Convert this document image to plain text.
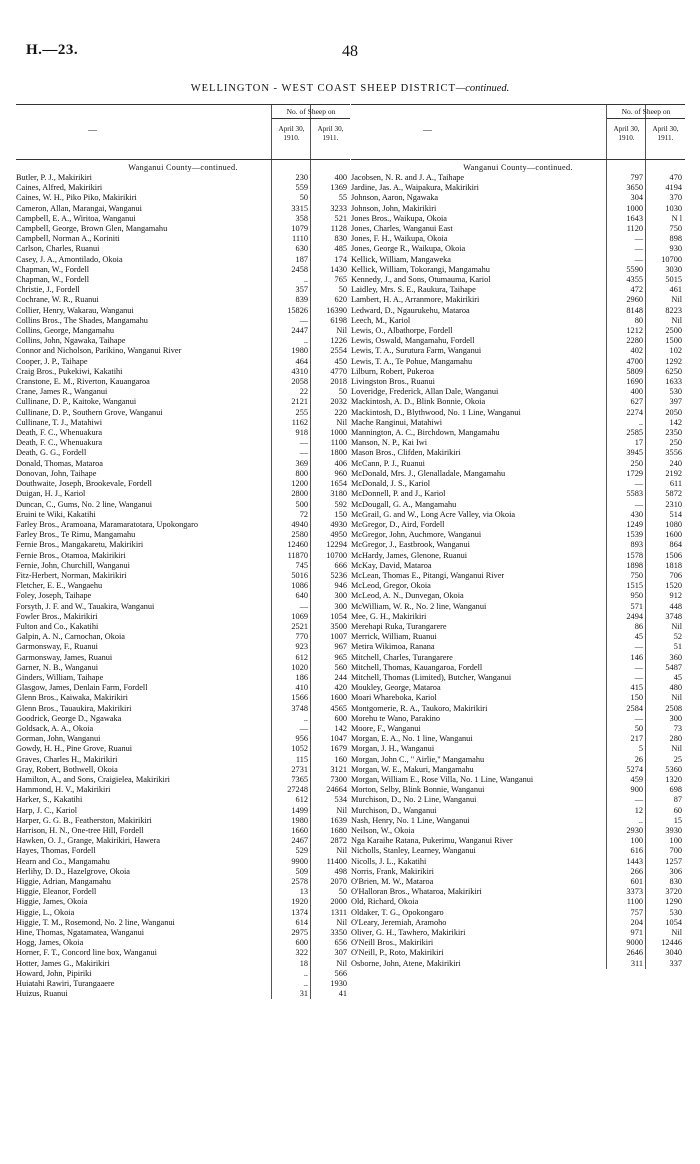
H.—23.	48
WELLINGTON - WEST COAST SHEEP DISTRICT—continued.
—
No. of Sheep on
April 30, 1910.
April 30, 1911.
Wanganui County—continued.
Butler, P. J., Makirikiri	230	400
Caines, Alfred, Makirikiri	559	1369
Caines, W. H., Piko Piko, Makirikiri	50	55
Cameron, Allan, Marangai, Wanganui	3315	3233
Campbell, E. A., Wiritoa, Wanganui	358	521
Campbell, George, Brown Glen, Mangamahu	1079	1128
Campbell, Norman A., Koriniti	1110	830
Carlson, Charles, Ruanui	630	485
Casey, J. A., Amontilado, Okoia	187	174
Chapman, W., Fordell	2458	1430
Chapman, W., Fordell	..	765
Christie, J., Fordell	357	50
Cochrane, W. R., Ruanui	839	620
Collier, Henry, Wakarau, Wanganui	15826	16390
Collins Bros., The Shades, Mangamahu	—	6198
Collins, George, Mangamahu	2447	Nil
Collins, John, Ngawaka, Taihape	..	1226
Connor and Nicholson, Parikino, Wanganui River	1980	2554
Cooper, J. P., Taihape	464	450
Craig Bros., Pukekiwi, Kakatihi	4310	4770
Cranstone, E. M., Riverton, Kauangaroa	2058	2018
Crane, James R., Wanganui	22	50
Cullinane, D. P., Kaitoke, Wanganui	2121	2032
Cullinane, D. P., Southern Grove, Wanganui	255	220
Cullinane, T. J., Matahiwi	1162	Nil
Death, F. C., Whenuakura	918	1000
Death, F. C., Whenuakura	—	1100
Death, G. G., Fordell	—	1800
Donald, Thomas, Mataroa	369	406
Donovan, John, Taihape	800	960
Douthwaite, Joseph, Brookevale, Fordell	1200	1654
Duigan, H. J., Kariol	2800	3180
Duncan, C., Gums, No. 2 line, Wanganui	500	592
Eruini te Wiki, Kakatihi	72	150
Farley Bros., Aramoana, Maramaratotara, Upokongaro	4940	4930
Farley Bros., Te Rimu, Mangamahu	2580	4950
Fernie Bros., Mangakaretu, Makirikiri	12460	12294
Fernie Bros., Otamoa, Makirikiri	11870	10700
Fernie, John, Churchill, Wanganui	745	666
Fitz-Herbert, Norman, Makirikiri	5016	5236
Fletcher, E. E., Wangaehu	1086	946
Foley, Joseph, Taihape	640	300
Forsyth, J. F. and W., Tauakira, Wanganui	—	300
Fowler Bros., Makirikiri	1069	1054
Fulton and Co., Kakatihi	2521	3500
Galpin, A. N., Carnochan, Okoia	770	1007
Garmonsway, F., Ruanui	923	967
Garmonsway, James, Ruanui	612	965
Garner, N. B., Wanganui	1020	560
Ginders, William, Taihape	186	244
Glasgow, James, Denlain Farm, Fordell	410	420
Glenn Bros., Kaiwaka, Makirikiri	1566	1600
Glenn Bros., Tauaukira, Makirikiri	3748	4565
Goodrick, George D., Ngawaka	..	600
Goldsack, A. A., Okoia	—	142
Gorman, John, Wanganui	956	1047
Gowdy, H. H., Pine Grove, Ruanui	1052	1679
Graves, Charles H., Makirikiri	115	160
Gray, Robert, Bothwell, Okoia	2731	3121
Hamilton, A., and Sons, Craigielea, Makirikiri	7365	7300
Hammond, H. V., Makirikiri	27248	24664
Harker, S., Kakatihi	612	534
Harp, J. C., Kariol	1499	Nil
Harper, G. G. B., Featherston, Makirikiri	1980	1639
Harrison, H. N., One-tree Hill, Fordell	1660	1680
Hawken, O. J., Grange, Makirikiri, Hawera	2467	2872
Hayes, Thomas, Fordell	529	Nil
Hearn and Co., Mangamahu	9900	11400
Herlihy, D. D., Hazelgrove, Okoia	509	498
Higgie, Adrian, Mangamahu	2578	2070
Higgie, Eleanor, Fordell	13	50
Higgie, James, Okoia	1920	2000
Higgie, L., Okoia	1374	1311
Higgie, T. M., Rosemond, No. 2 line, Wanganui	614	Nil
Hine, Thomas, Ngatamatea, Wanganui	2975	3350
Hogg, James, Okoia	600	656
Horner, F. T., Concord line box, Wanganui	322	307
Hotter, James G., Makirikiri	18	Nil
Howard, John, Pipiriki	..	566
Huiatahi Rawiri, Turangaaere	..	1930
Huizus, Ruanui	31	41
—
No. of Sheep on
April 30, 1910.
April 30, 1911.
Wanganui County—continued.
Jacobsen, N. R. and J. A., Taihape	797	470
Jardine, Jas. A., Waipakura, Makirikiri	3650	4194
Johnson, Aaron, Ngawaka	304	370
Johnson, John, Makirikiri	1000	1030
Jones Bros., Waikupa, Okoia	1643	N l
Jones, Charles, Wanganui East	1120	750
Jones, F. H., Waikupa, Okoia	—	898
Jones, George R., Waikupa, Okoia	—	930
Kellick, William, Mangaweka	—	10700
Kellick, William, Tokorangi, Mangamahu	5590	3030
Kennedy, J., and Sons, Otumauma, Kariol	4355	5015
Laidley, Mrs. S. E., Raukura, Taihape	472	461
Lambert, H. A., Arranmore, Makirikiri	2960	Nil
Ledward, D., Ngaurukehu, Mataroa	8148	8223
Leech, M., Kariol	80	Nil
Lewis, O., Albathorpe, Fordell	1212	2500
Lewis, Oswald, Mangamahu, Fordell	2280	1500
Lewis, T. A., Surutura Farm, Wanganui	402	102
Lewis, T. A., Te Pohue, Mangamahu	4700	1292
Lilburn, Robert, Pukeroa	5809	6250
Livingston Bros., Ruanui	1690	1633
Loveridge, Frederick, Allan Dale, Wanganui	400	530
Mackintosh, A. D., Blink Bonnie, Okoia	627	397
Mackintosh, D., Blythwood, No. 1 Line, Wanganui	2274	2050
Mache Ranginui, Matahiwi	..	142
Mannington, A. C., Birchdown, Mangamahu	2585	2350
Manson, N. P., Kai Iwi	17	250
Mason Bros., Clifden, Makirikiri	3945	3556
McCann, P. J., Ruanui	250	240
McDonald, Mrs. J., Glenalladale, Mangamahu	1729	2192
McDonald, J. S., Kariol	—	611
McDonnell, P. and J., Kariol	5583	5872
McDougall, G. A., Mangamahu	—	2310
McGrail, G. and W., Long Acre Valley, via Okoia	430	514
McGregor, D., Aird, Fordell	1249	1080
McGregor, John, Auchmore, Wanganui	1539	1600
McGregor, J., Eastbrook, Wanganui	893	864
McHardy, James, Glenone, Ruanui	1578	1506
McKay, David, Mataroa	1898	1818
McLean, Thomas E., Pitangi, Wanganui River	750	706
McLeod, Gregor, Okoia	1515	1520
McLeod, A. N., Dunvegan, Okoia	950	912
McWilliam, W. R., No. 2 line, Wanganui	571	448
Mee, G. H., Makirikiri	2494	3748
Merehapi Ruka, Turangarere	86	Nil
Merrick, William, Ruanui	45	52
Metira Wikimoa, Ranana	—	51
Mitchell, Charles, Turangarere	146	360
Mitchell, Thomas, Kauangaroa, Fordell	—	5487
Mitchell, Thomas (Limited), Butcher, Wanganui	—	45
Moukley, George, Mataroa	415	480
Moari Whareboka, Kariol	150	Nil
Montgomerie, R. A., Taukoro, Makirikiri	2584	2508
Morehu te Wano, Parakino	—	300
Moore, F., Wanganui	50	73
Morgan, E. A., No. 1 line, Wanganui	217	280
Morgan, J. H., Wanganui	5	Nil
Morgan, John C., " Airlie," Mangamahu	26	25
Morgan, W. E., Makuri, Mangamahu	5274	5360
Morgan, William E., Rose Villa, No. 1 Line, Wanganui	459	1320
Morton, Selby, Blink Bonnie, Wanganui	900	698
Murchison, D., No. 2 Line, Wanganui	—	87
Murchison, D., Wanganui	12	60
Nash, Henry, No. 1 Line, Wanganui	..	15
Neilson, W., Okoia	2930	3930
Nga Karaihe Ratana, Pukerimu, Wanganui River	100	100
Nicholls, Stanley, Learney, Wanganui	616	700
Nicolls, J. L., Kakatihi	1443	1257
Norris, Frank, Makirikiri	266	306
O'Brien, M. W., Mataroa	601	830
O'Halloran Bros., Whataroa, Makirikiri	3373	3720
Old, Richard, Okoia	1100	1290
Oldaker, T. G., Opokongaro	757	530
O'Leary, Jeremiah, Aramoho	204	1054
Oliver, G. H., Tawhero, Makirikiri	971	Nil
O'Neill Bros., Makirikiri	9000	12446
O'Neill, P., Roto, Makirikiri	2646	3040
Osborne, John, Atene, Makirikiri	311	337
